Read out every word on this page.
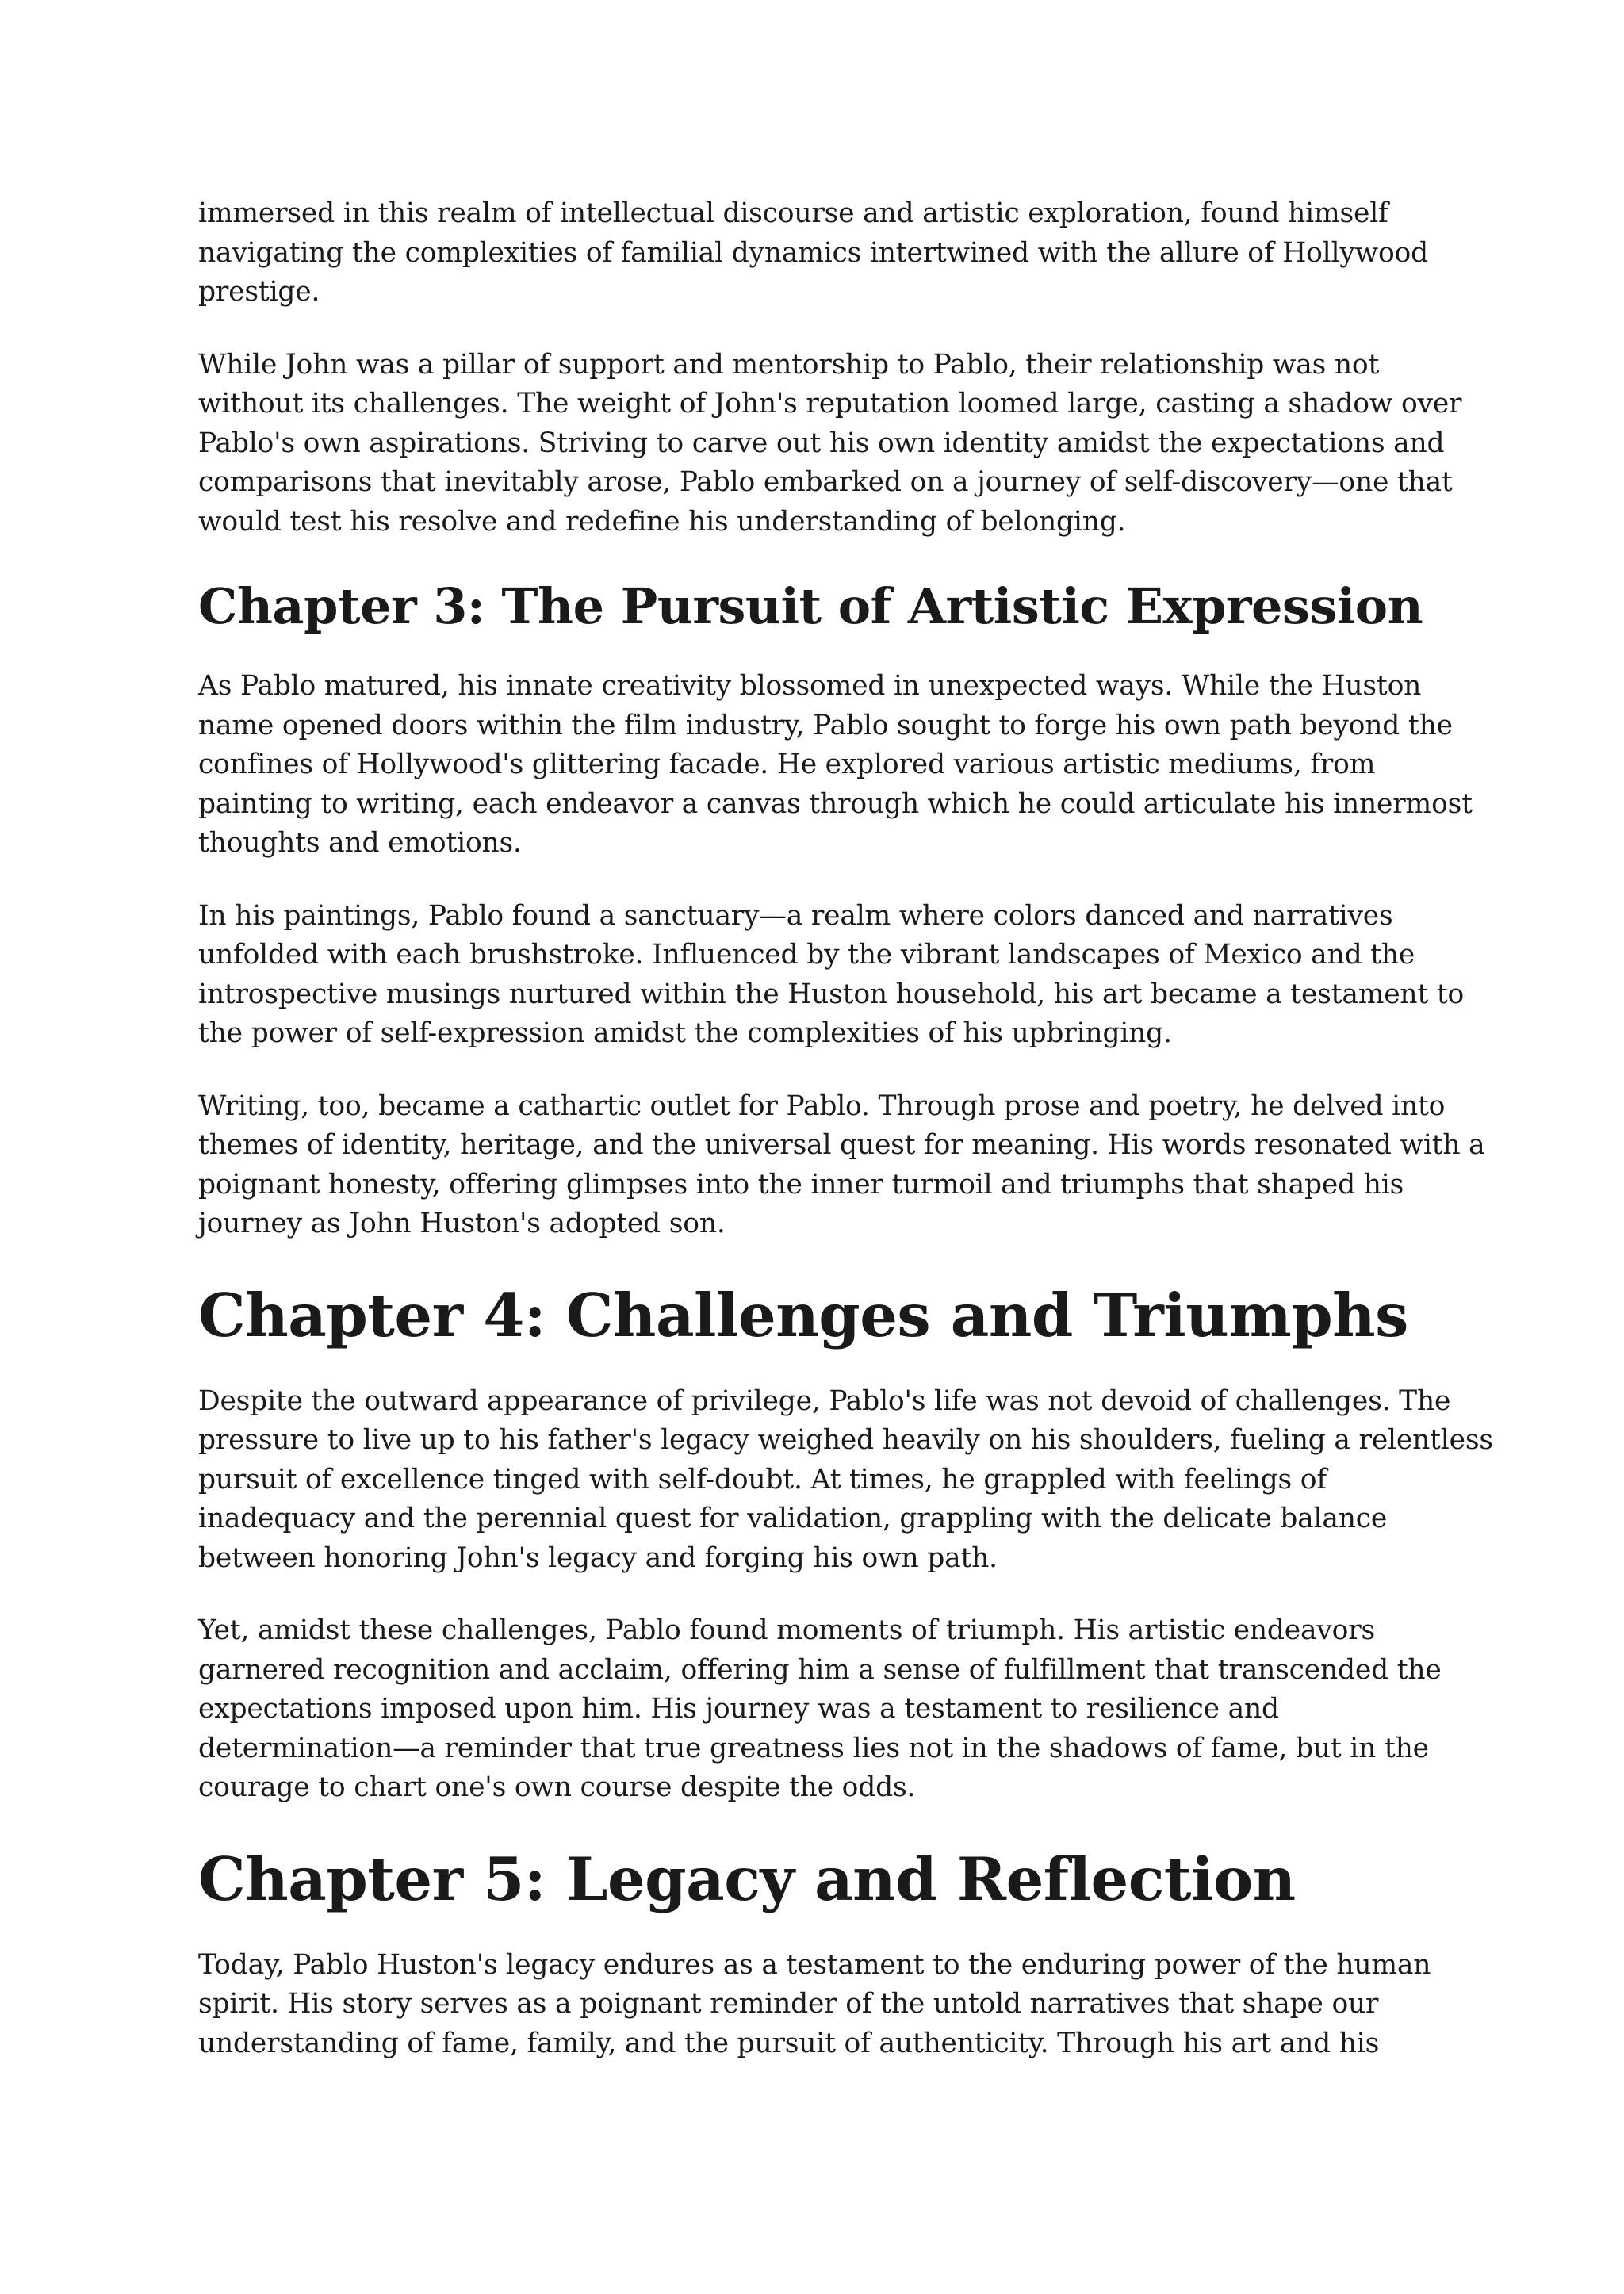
immersed in this realm of intellectual discourse and artistic exploration, found himself
navigating the complexities of familial dynamics intertwined with the allure of Hollywood
prestige.

While John was a pillar of support and mentorship to Pablo, their relationship was not
without its challenges. The weight of John's reputation loomed large, casting a shadow over
Pablo's own aspirations. Striving to carve out his own identity amidst the expectations and
comparisons that inevitably arose, Pablo embarked on a journey of self-discovery—one that
would test his resolve and redefine his understanding of belonging.

Chapter 3: The Pursuit of Artistic Expression

As Pablo matured, his innate creativity blossomed in unexpected ways. While the Huston
name opened doors within the film industry, Pablo sought to forge his own path beyond the
confines of Hollywood's glittering facade. He explored various artistic mediums, from
painting to writing, each endeavor a canvas through which he could articulate his innermost
thoughts and emotions.

In his paintings, Pablo found a sanctuary—a realm where colors danced and narratives
unfolded with each brushstroke. Influenced by the vibrant landscapes of Mexico and the
introspective musings nurtured within the Huston household, his art became a testament to
the power of self-expression amidst the complexities of his upbringing.

Writing, too, became a cathartic outlet for Pablo. Through prose and poetry, he delved into
themes of identity, heritage, and the universal quest for meaning. His words resonated with a
poignant honesty, offering glimpses into the inner turmoil and triumphs that shaped his
journey as John Huston's adopted son.

Chapter 4: Challenges and Triumphs

Despite the outward appearance of privilege, Pablo's life was not devoid of challenges. The
pressure to live up to his father's legacy weighed heavily on his shoulders, fueling a relentless
pursuit of excellence tinged with self-doubt. At times, he grappled with feelings of
inadequacy and the perennial quest for validation, grappling with the delicate balance
between honoring John's legacy and forging his own path.

Yet, amidst these challenges, Pablo found moments of triumph. His artistic endeavors
garnered recognition and acclaim, offering him a sense of fulfillment that transcended the
expectations imposed upon him. His journey was a testament to resilience and
determination—a reminder that true greatness lies not in the shadows of fame, but in the
courage to chart one's own course despite the odds.

Chapter 5: Legacy and Reflection

Today, Pablo Huston's legacy endures as a testament to the enduring power of the human
spirit. His story serves as a poignant reminder of the untold narratives that shape our
understanding of fame, family, and the pursuit of authenticity. Through his art and his
